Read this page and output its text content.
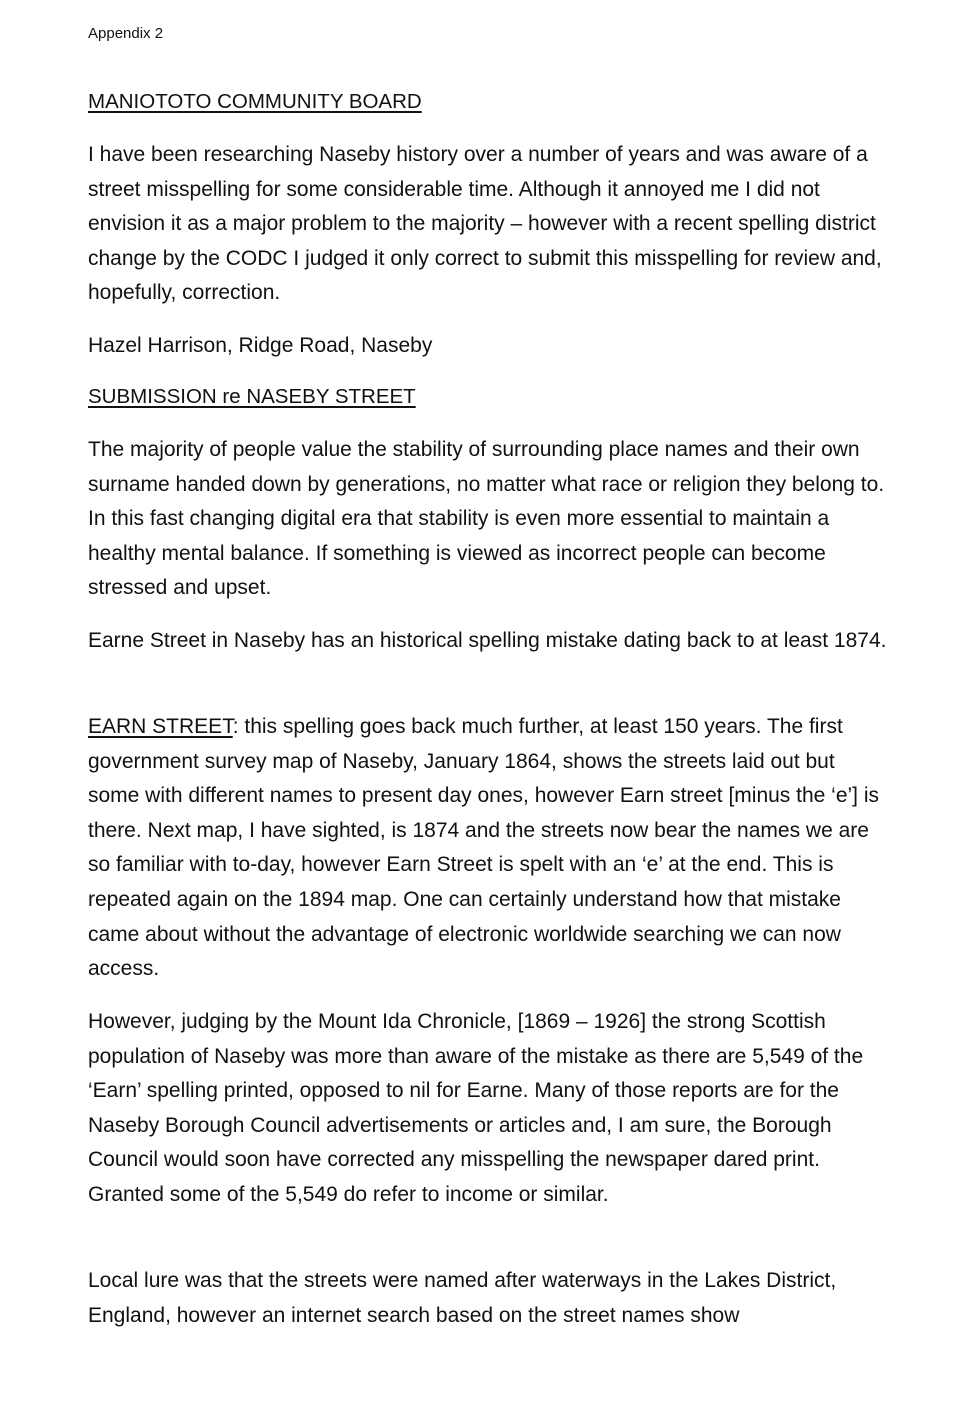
Appendix 2
MANIOTOTO COMMUNITY BOARD

I have been researching Naseby history over a number of years and was aware of a street misspelling for some considerable time. Although it annoyed me I did not envision it as a major problem to the majority – however with a recent spelling district change by the CODC I judged it only correct to submit this misspelling for review and, hopefully, correction.

Hazel Harrison, Ridge Road, Naseby

SUBMISSION re NASEBY STREET

The majority of people value the stability of surrounding place names and their own surname handed down by generations, no matter what race or religion they belong to. In this fast changing digital era that stability is even more essential to maintain a healthy mental balance. If something is viewed as incorrect people can become stressed and upset.

Earne Street in Naseby has an historical spelling mistake dating back to at least 1874.

EARN STREET: this spelling goes back much further, at least 150 years. The first government survey map of Naseby, January 1864, shows the streets laid out but some with different names to present day ones, however Earn street [minus the ‘e’] is there. Next map, I have sighted, is 1874 and the streets now bear the names we are so familiar with to-day, however Earn Street is spelt with an ‘e’ at the end. This is repeated again on the 1894 map. One can certainly understand how that mistake came about without the advantage of electronic worldwide searching we can now access.

However, judging by the Mount Ida Chronicle, [1869 – 1926] the strong Scottish population of Naseby was more than aware of the mistake as there are 5,549 of the ‘Earn’ spelling printed, opposed to nil for Earne. Many of those reports are for the Naseby Borough Council advertisements or articles and, I am sure, the Borough Council would soon have corrected any misspelling the newspaper dared print. Granted some of the 5,549 do refer to income or similar.

Local lure was that the streets were named after waterways in the Lakes District, England, however an internet search based on the street names show
